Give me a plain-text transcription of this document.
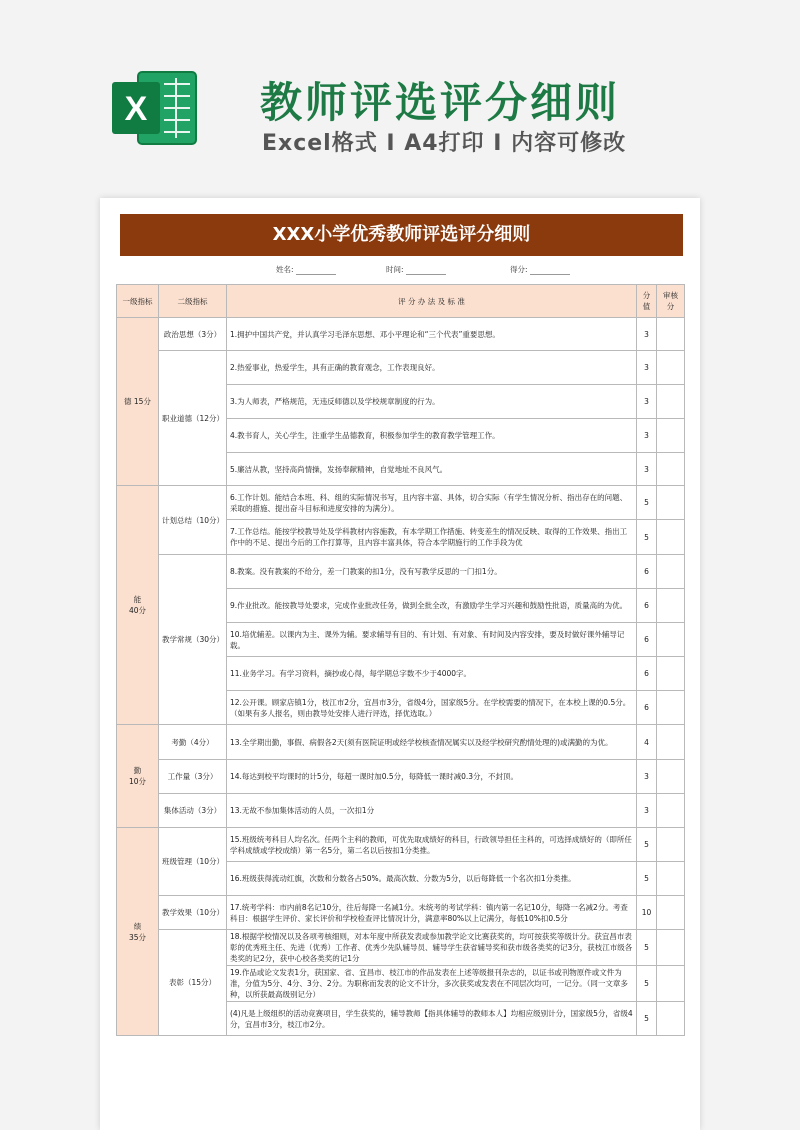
X	教师评选评分细则
Excel格式 I A4打印 I 内容可修改
XXX小学优秀教师评选评分细则
姓名:	时间:	得分:
一级指标	二级指标	评 分 办 法 及 标 准	分值	审核分
德 15分	政治思想（3分）	1.拥护中国共产党，并认真学习毛泽东思想、邓小平理论和“三个代表”重要思想。	3	
	职业道德（12分）	2.热爱事业，热爱学生，具有正确的教育观念，工作表现良好。	3	
		3.为人师表，严格规范，无违反师德以及学校规章制度的行为。	3	
		4.教书育人，关心学生，注重学生品德教育，积极参加学生的教育教学管理工作。	3	
		5.廉洁从教，坚持高尚情操，发扬奉献精神，自觉地址不良风气。	3	
能
40分	计划总结（10分）	6.工作计划。能结合本班、科、组的实际情况书写，且内容丰富、具体，切合实际（有学生情况分析、指出存在的问题、采取的措施、提出奋斗目标和进度安排的为满分）。	5	
		7.工作总结。能按学校教导处及学科教材内容施教，有本学期工作措施、转变差生的情况反映、取得的工作效果、指出工作中的不足、提出今后的工作打算等，且内容丰富具体，符合本学期施行的工作手段为优	5	
	教学常规（30分）	8.教案。没有教案的不给分，差一门教案的扣1分，没有写教学反思的一门扣1分。	6	
		9.作业批改。能按教导处要求，完成作业批改任务，做到全批全改，有激励学生学习兴趣和鼓励性批语，质量高的为优。	6	
		10.培优辅差。以课内为主、课外为辅。要求辅导有目的、有计划、有对象、有时间及内容安排，要及时做好课外辅导记载。	6	
		11.业务学习。有学习资料，摘抄或心得，每学期总字数不少于4000字。	6	
		12.公开课。顾家店镇1分，枝江市2分，宜昌市3分，省级4分，国家级5分。在学校需要的情况下，在本校上课的0.5分。（如果有多人报名，则由教导处安排人进行评选，择优选取。）	6	
勤
10分	考勤（4分）	13.全学期出勤，事假、病假各2天(须有医院证明或经学校核查情况属实以及经学校研究酌情处理的)或满勤的为优。	4	
	工作量（3分）	14.每达到校平均课时的计5分，每超一课时加0.5分，每降低一课时减0.3分，不封顶。	3	
	集体活动（3分）	13.无故不参加集体活动的人员，一次扣1分	3	
绩
35分	班级管理（10分）	15.班级统考科目人均名次。任两个主科的教师，可优先取成绩好的科目，行政领导担任主科的，可选择成绩好的（即所任学科成绩或学校成绩）第一名5分，第二名以后按扣1分类推。	5	
		16.班级获得流动红旗，次数和分数各占50%。最高次数、分数为5分，以后每降低一个名次扣1分类推。	5	
	教学效果（10分）	17.统考学科：市内前8名记10分，往后每降一名减1分。未统考的考试学科：镇内第一名记10分，每降一名减2分。考查科目：根据学生评价、家长评价和学校检查评比情况计分，满意率80%以上记满分，每低10%扣0.5分	10	
	表彰（15分）	18.根据学校情况以及各项考核细则，对本年度中所获发表或参加教学论文比赛获奖的，均可按获奖等级计分。获宜昌市表彰的优秀班主任、先进（优秀）工作者、优秀少先队辅导员、辅导学生获省辅导奖和获市级各类奖的记3分，获枝江市级各类奖的记2分，获中心校各类奖的记1分	5	
		19.作品或论文发表1分，获国家、省、宜昌市、枝江市的作品发表在上述等级报刊杂志的，以证书或刊物原件或文件为准，分值为5分、4分、3分、2分。为职称而发表的论文不计分，多次获奖或发表在不同层次均可，一记分。（同一文章多种，以所获最高级别记分）	5	
		(4)凡是上级组织的活动竞赛项目，学生获奖的，辅导教师【指具体辅导的教师本人】均相应级别计分，国家级5分，省级4分，宜昌市3分，枝江市2分。	5	
